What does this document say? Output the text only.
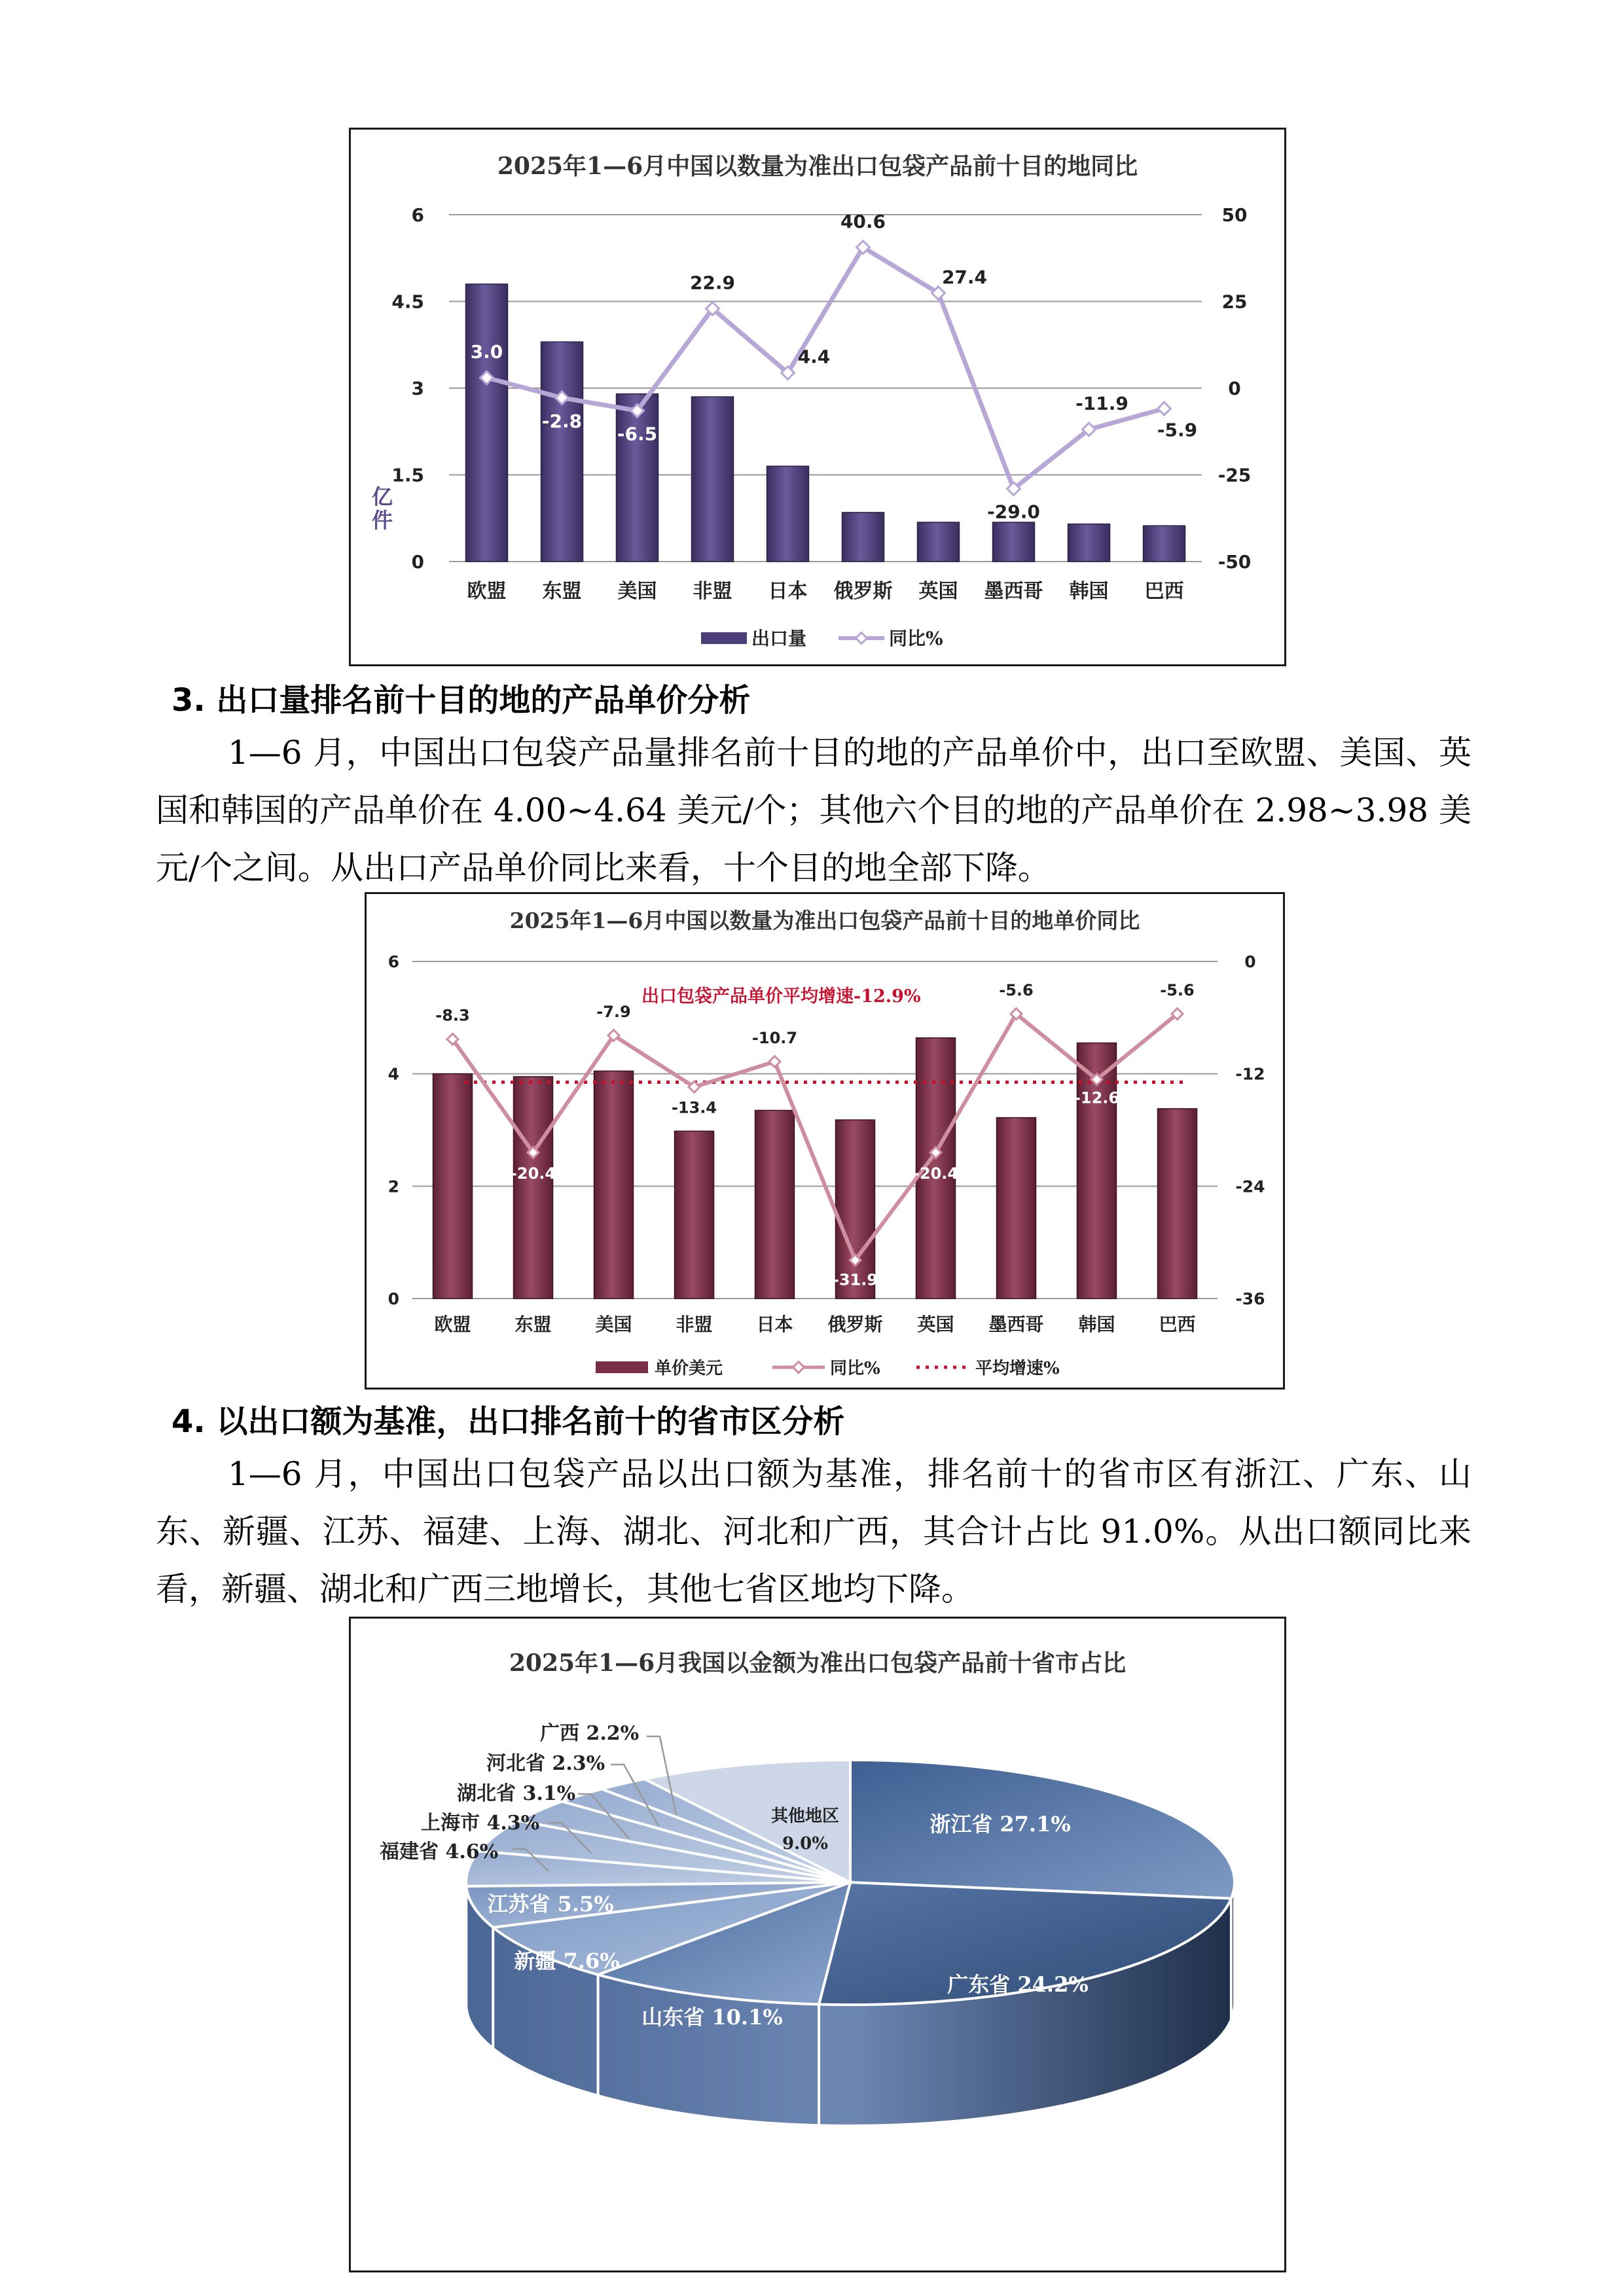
2025年1—6月中国以数量为准出口包袋产品前十目的地同比
0
1.5
3
4.5
6
-50
-25
0
25
50
亿
件
欧盟 东盟 美国 非盟 日本 俄罗斯 英国 墨西哥 韩国 巴西
3.0
-2.8
-6.5
22.9
4.4
40.6
27.4
-29.0
-11.9
-5.9
出口量	同比%
3. 出口量排名前十目的地的产品单价分析
1—6 月，中国出口包袋产品量排名前十目的地的产品单价中，出口至欧盟、美国、英国和韩国的产品单价在 4.00~4.64 美元/个；其他六个目的地的产品单价在 2.98~3.98 美元/个之间。从出口产品单价同比来看，十个目的地全部下降。
2025年1—6月中国以数量为准出口包袋产品前十目的地单价同比
0
2
4
6
-36
-24
-12
0
欧盟 东盟 美国 非盟 日本 俄罗斯 英国 墨西哥 韩国 巴西
出口包袋产品单价平均增速-12.9%
-8.3
-20.4
-7.9
-13.4
-10.7
-31.9
-20.4
-5.6
-12.6
-5.6
单价美元	同比%	平均增速%
4. 以出口额为基准，出口排名前十的省市区分析
1—6 月，中国出口包袋产品以出口额为基准，排名前十的省市区有浙江、广东、山东、新疆、江苏、福建、上海、湖北、河北和广西，其合计占比 91.0%。从出口额同比来看，新疆、湖北和广西三地增长，其他七省区地均下降。
2025年1—6月我国以金额为准出口包袋产品前十省市占比
浙江省 27.1%
广东省 24.2%
山东省 10.1%
新疆 7.6%
江苏省 5.5%
其他地区
9.0%
福建省 4.6%
上海市 4.3%
湖北省 3.1%
河北省 2.3%
广西 2.2%
